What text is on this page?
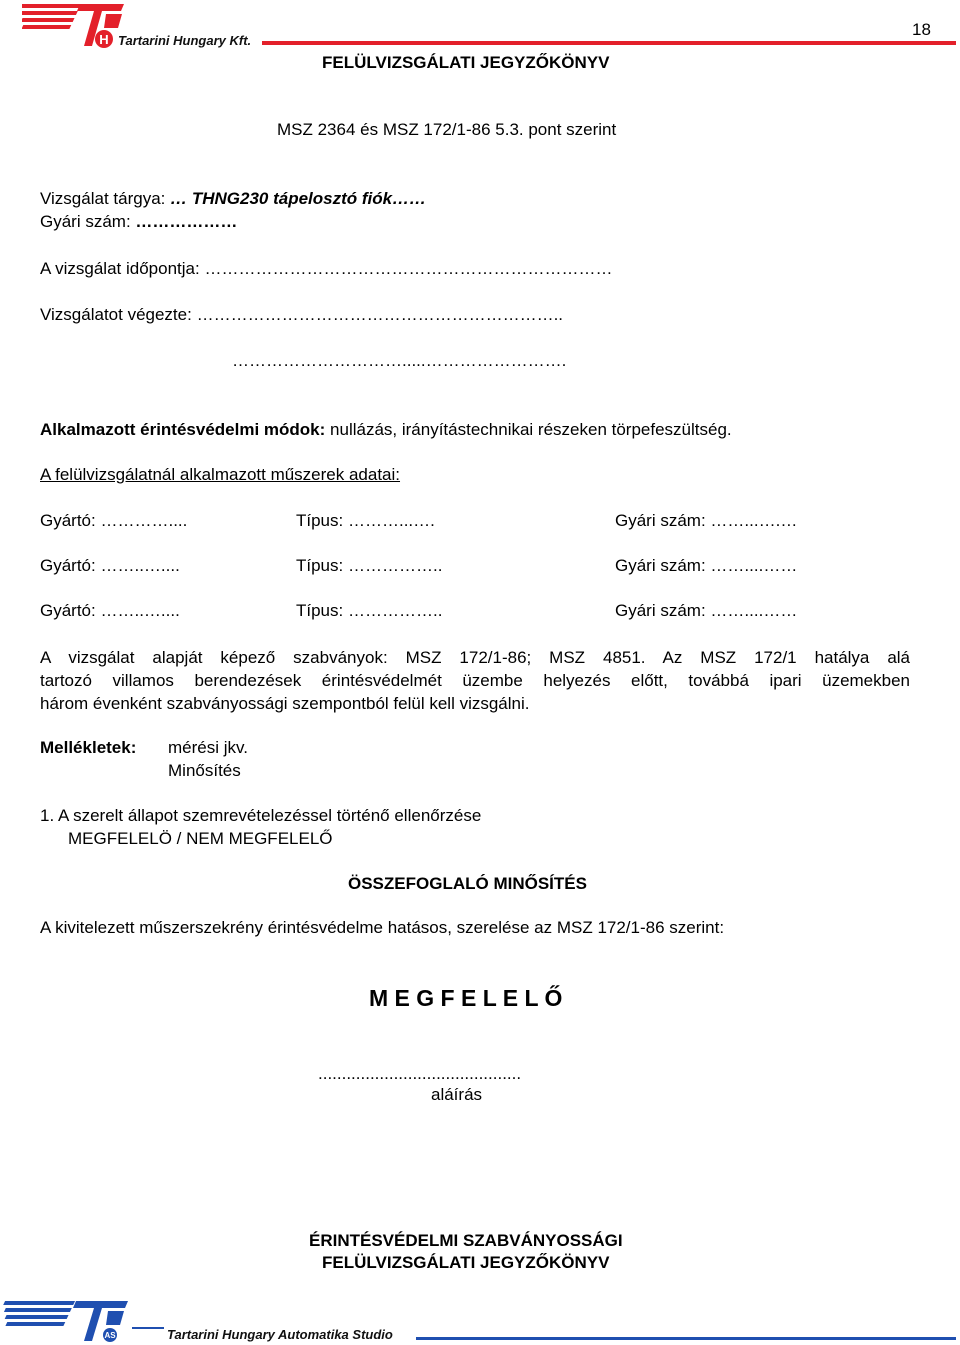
H Tartarini Hungary Kft.
18
FELÜLVIZSGÁLATI JEGYZŐKÖNYV
MSZ 2364 és MSZ 172/1-86 5.3. pont szerint
Vizsgálat tárgya: … THNG230 tápelosztó fiók……
Gyári szám: ………………
A vizsgálat időpontja: ………………………………………………………………
Vizsgálatot végezte: ………………………………………………………..
………………………….....…………………….
Alkalmazott érintésvédelmi módok: nullázás, irányítástechnikai részeken törpefeszültség.
A felülvizsgálatnál alkalmazott műszerek adatai:
Gyártó: …………....	Típus: ………...….	Gyári szám: ……...….…
Gyártó: ……..…....	Típus: ……………..	Gyári szám: ……....……
Gyártó: ……..…....	Típus: ……………..	Gyári szám: ……....……
A vizsgálat alapját képező szabványok: MSZ 172/1-86; MSZ 4851. Az MSZ 172/1 hatálya alá
tartozó villamos berendezések érintésvédelmét üzembe helyezés előtt, továbbá ipari üzemekben
három évenként szabványossági szempontból felül kell vizsgálni.
Mellékletek: mérési jkv.
Minősítés
1. A szerelt állapot szemrevételezéssel történő ellenőrzése
MEGFELELÖ / NEM MEGFELELŐ
ÖSSZEFOGLALÓ MINŐSÍTÉS
A kivitelezett műszerszekrény érintésvédelme hatásos, szerelése az MSZ 172/1-86 szerint:
M E G F E L E L Ő
...........................................
aláírás
ÉRINTÉSVÉDELMI SZABVÁNYOSSÁGI
FELÜLVIZSGÁLATI JEGYZŐKÖNYV
AS	Tartarini Hungary Automatika Studio
